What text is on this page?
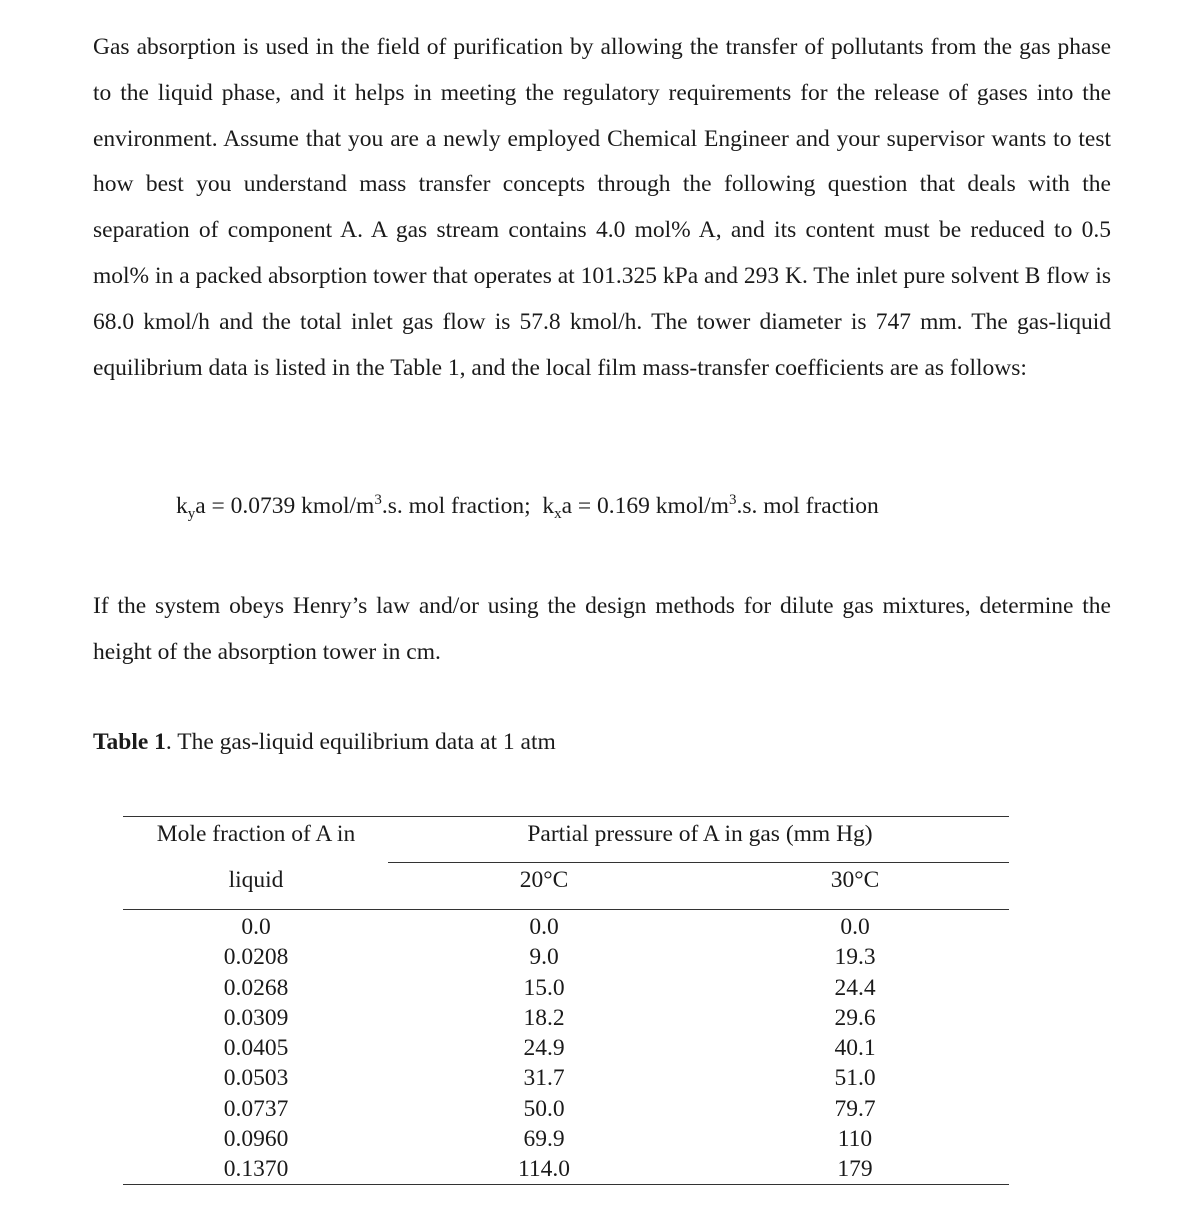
Gas absorption is used in the field of purification by allowing the transfer of pollutants from the gas phase to the liquid phase, and it helps in meeting the regulatory requirements for the release of gases into the environment. Assume that you are a newly employed Chemical Engineer and your supervisor wants to test how best you understand mass transfer concepts through the following question that deals with the separation of component A. A gas stream contains 4.0 mol% A, and its content must be reduced to 0.5 mol% in a packed absorption tower that operates at 101.325 kPa and 293 K. The inlet pure solvent B flow is 68.0 kmol/h and the total inlet gas flow is 57.8 kmol/h. The tower diameter is 747 mm. The gas-liquid equilibrium data is listed in the Table 1, and the local film mass-transfer coefficients are as follows:

$k_ya = 0.0739$ kmol/$m^3.s$. mol fraction; $k_xa = 0.169$ kmol/$m^3.s$. mol fraction

If the system obeys Henry’s law and/or using the design methods for dilute gas mixtures, determine the height of the absorption tower in cm.

Table 1. The gas-liquid equilibrium data at 1 atm
Mole fraction of A in
liquid
Partial pressure of A in gas (mm Hg)
20°C	30°C
0.0
0.0208
0.0268
0.0309
0.0405
0.0503
0.0737
0.0960
0.1370
0.0
9.0
15.0
18.2
24.9
31.7
50.0
69.9
114.0
0.0
19.3
24.4
29.6
40.1
51.0
79.7
110
179
